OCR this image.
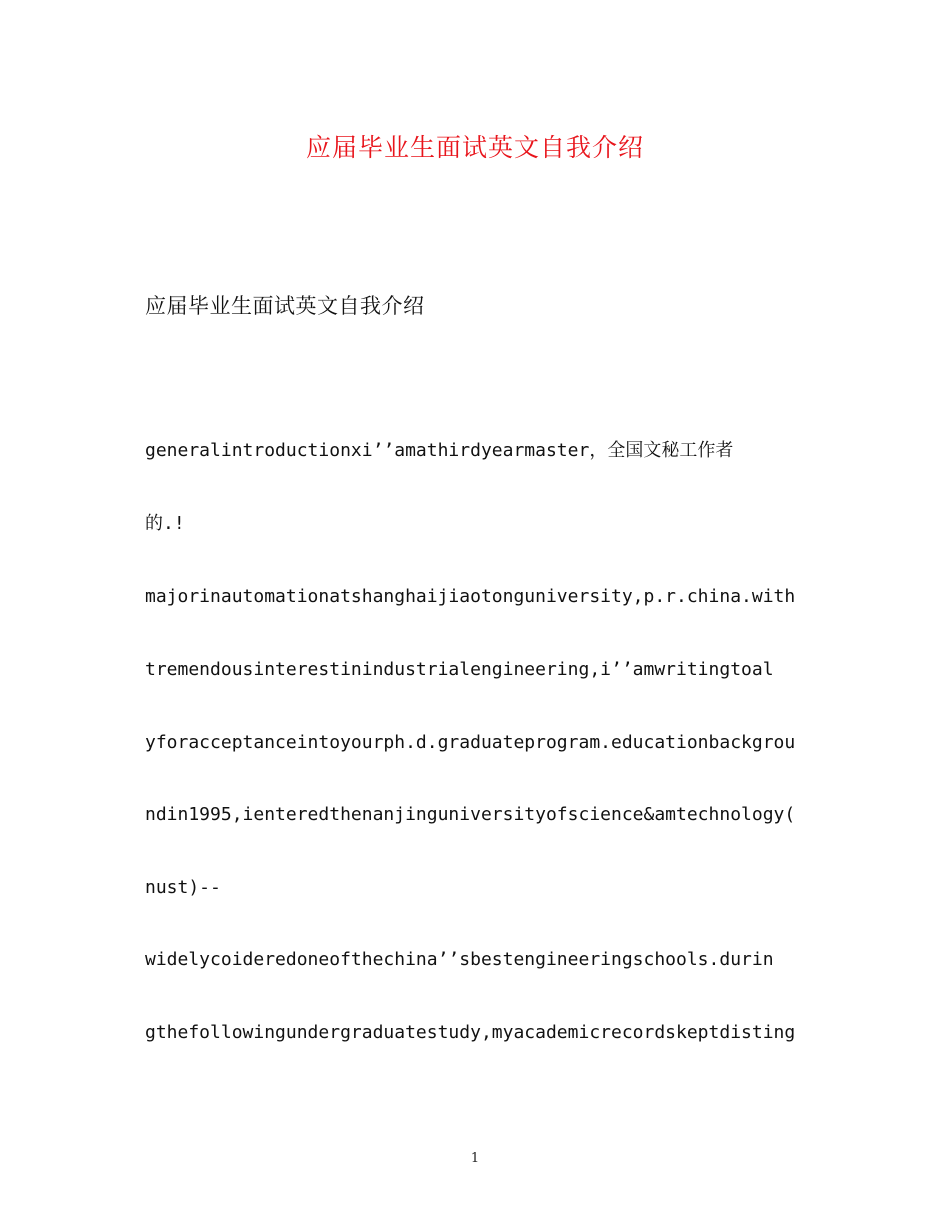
应届毕业生面试英文自我介绍
应届毕业生面试英文自我介绍
generalintroductionxi’’amathirdyearmaster，全国文秘工作者
的.!
majorinautomationatshanghaijiaotonguniversity,p.r.china.with
tremendousinterestinindustrialengineering,i’’amwritingtoal
yforacceptanceintoyourph.d.graduateprogram.educationbackgrou
ndin1995,ienteredthenanjinguniversityofscience&amtechnology(
nust)--
widelycoideredoneofthechina’’sbestengineeringschools.durin
gthefollowingundergraduatestudy,myacademicrecordskeptdisting
1
